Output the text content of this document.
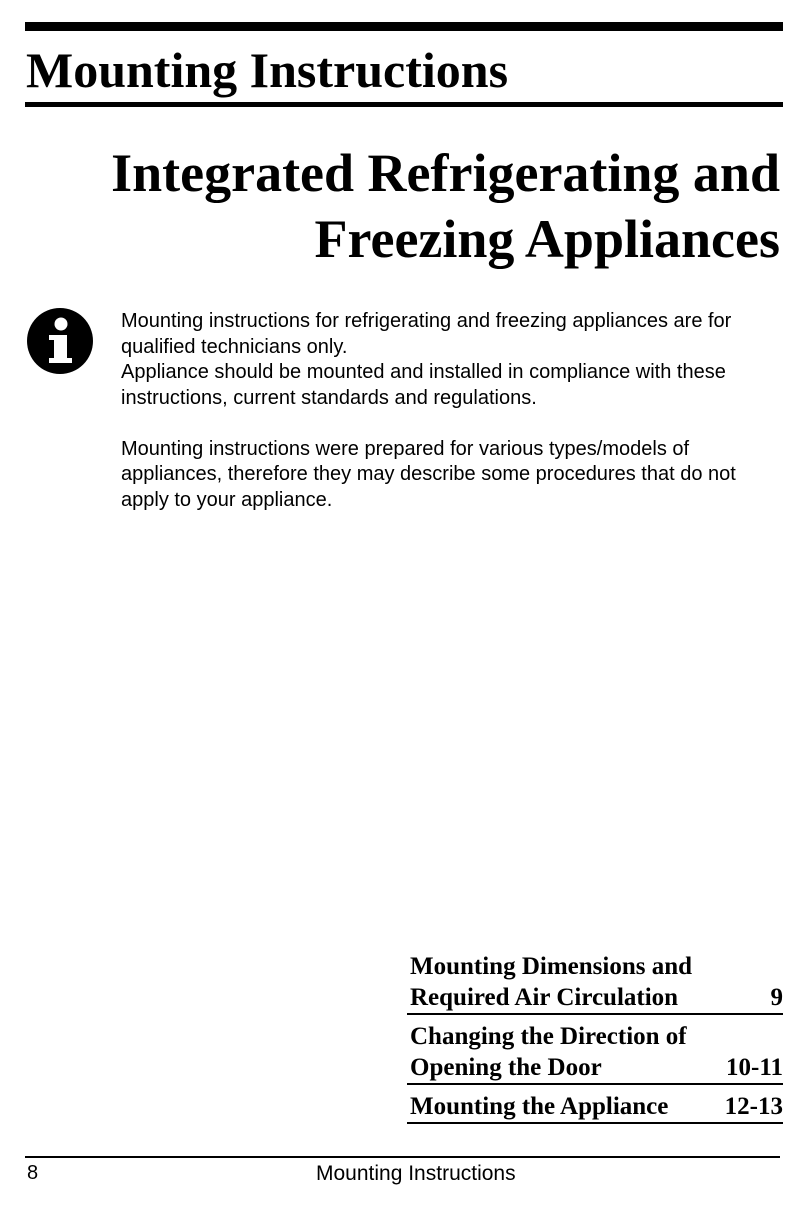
Mounting Instructions
Integrated Refrigerating and
Freezing Appliances

Mounting instructions for refrigerating and freezing appliances are for qualified technicians only.

Appliance should be mounted and installed in compliance with these instructions, current standards and regulations.

Mounting instructions were prepared for various types/models of appliances, therefore they may describe some procedures that do not apply to your appliance.

Mounting Dimensions and
Required Air Circulation	9
Changing the Direction of
Opening the Door	10-11
Mounting the Appliance	12-13
8	Mounting Instructions
